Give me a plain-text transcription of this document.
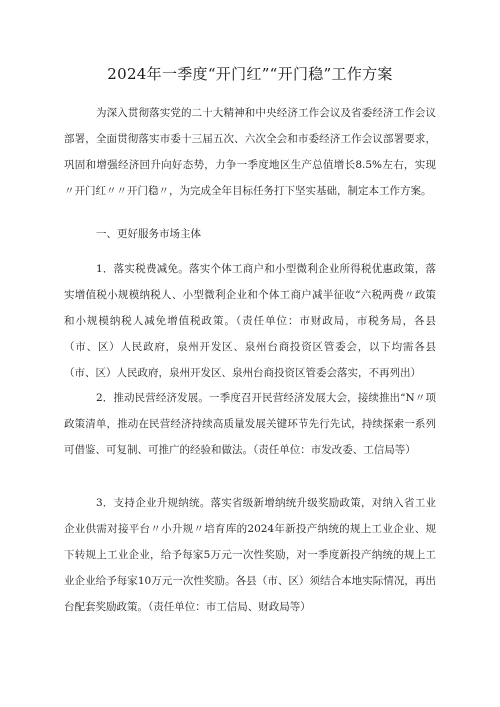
2024年一季度“开门红”“开门稳”工作方案

为深入贯彻落实党的二十大精神和中央经济工作会议及省委经济工作会议部署，全面贯彻落实市委十三届五次、六次全会和市委经济工作会议部署要求，巩固和增强经济回升向好态势，力争一季度地区生产总值增长8.5%左右，实现〃开门红〃〃开门稳〃，为完成全年目标任务打下坚实基础，制定本工作方案。

一、更好服务市场主体

1．落实税费减免。落实个体工商户和小型微利企业所得税优惠政策，落实增值税小规模纳税人、小型微利企业和个体工商户减半征收“六税两费〃政策和小规模纳税人减免增值税政策。（责任单位：市财政局，市税务局，各县（市、区）人民政府，泉州开发区、泉州台商投资区管委会，以下均需各县（市、区）人民政府，泉州开发区、泉州台商投资区管委会落实，不再列出）

2．推动民营经济发展。一季度召开民营经济发展大会，接续推出“N〃项政策清单，推动在民营经济持续高质量发展关键环节先行先试，持续探索一系列可借鉴、可复制、可推广的经验和做法。（责任单位：市发改委、工信局等）

3．支持企业升规纳统。落实省级新增纳统升级奖励政策，对纳入省工业企业供需对接平台〃小升规〃培育库的2024年新投产纳统的规上工业企业、规下转规上工业企业，给予每家5万元一次性奖励，对一季度新投产纳统的规上工业企业给予每家10万元一次性奖励。各县（市、区）须结合本地实际情况，再出台配套奖励政策。（责任单位：市工信局、财政局等）
